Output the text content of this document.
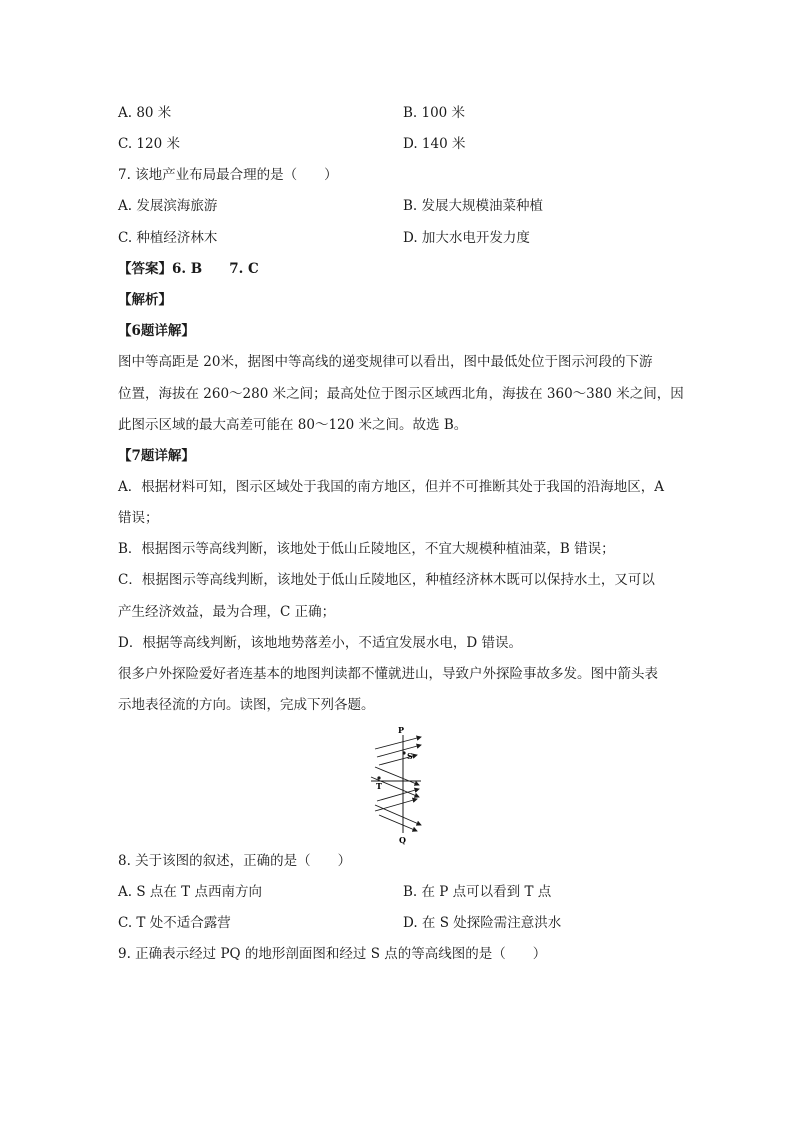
A. 80 米	B. 100 米
C. 120 米	D. 140 米
7. 该地产业布局最合理的是（　　）
A. 发展滨海旅游	B. 发展大规模油菜种植
C. 种植经济林木	D. 加大水电开发力度
【答案】6. B　　7. C
【解析】
【6题详解】
图中等高距是 20米，据图中等高线的递变规律可以看出，图中最低处位于图示河段的下游
位置，海拔在 260～280 米之间；最高处位于图示区域西北角，海拔在 360～380 米之间，因
此图示区域的最大高差可能在 80～120 米之间。故选 B。
【7题详解】
A．根据材料可知，图示区域处于我国的南方地区，但并不可推断其处于我国的沿海地区，A
错误；
B．根据图示等高线判断，该地处于低山丘陵地区，不宜大规模种植油菜，B 错误；
C．根据图示等高线判断，该地处于低山丘陵地区，种植经济林木既可以保持水土，又可以
产生经济效益，最为合理，C 正确；
D．根据等高线判断，该地地势落差小，不适宜发展水电，D 错误。
很多户外探险爱好者连基本的地图判读都不懂就进山，导致户外探险事故多发。图中箭头表
示地表径流的方向。读图，完成下列各题。
P
S
T
Q
8. 关于该图的叙述，正确的是（　　）
A. S 点在 T 点西南方向	B. 在 P 点可以看到 T 点
C. T 处不适合露营	D. 在 S 处探险需注意洪水
9. 正确表示经过 PQ 的地形剖面图和经过 S 点的等高线图的是（　　）
